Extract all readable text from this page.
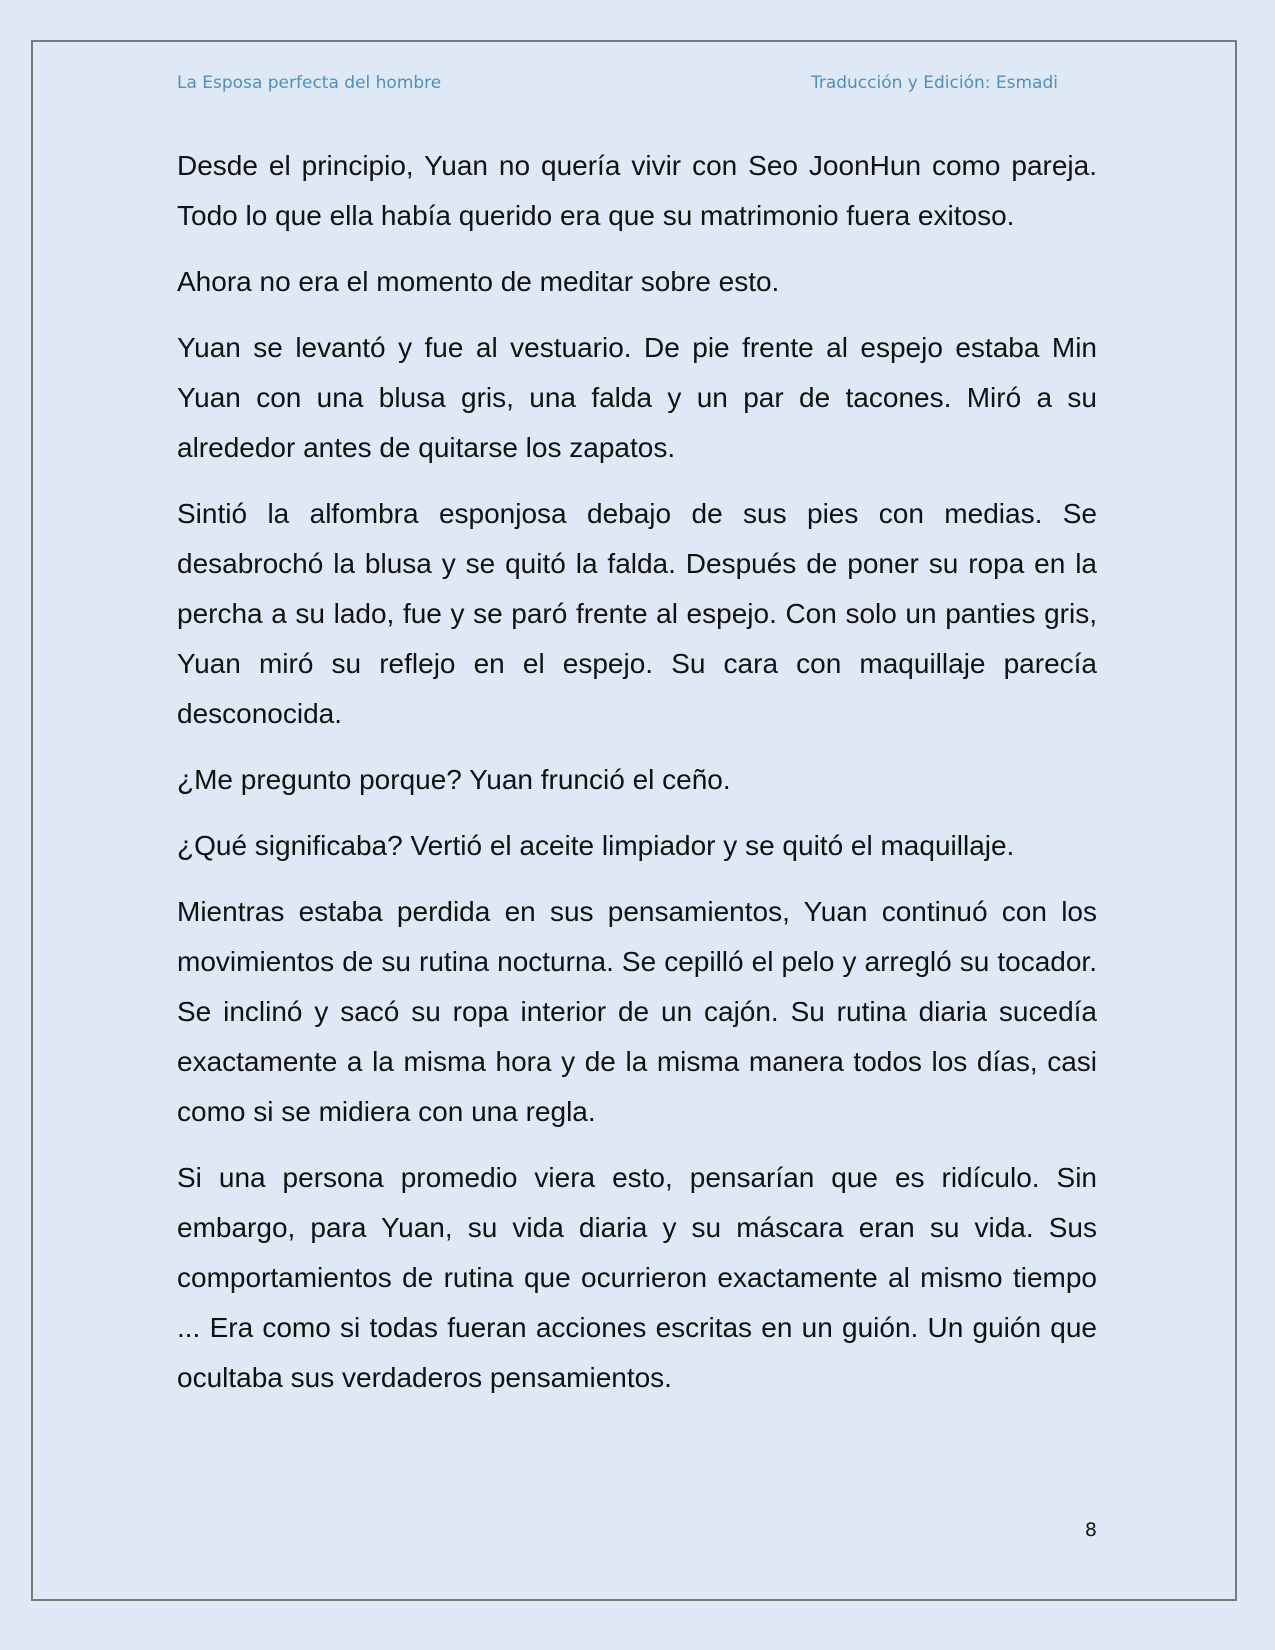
La Esposa perfecta del hombre	Traducción y Edición: Esmadi

Desde el principio, Yuan no quería vivir con Seo JoonHun como pareja. Todo lo que ella había querido era que su matrimonio fuera exitoso.

Ahora no era el momento de meditar sobre esto.

Yuan se levantó y fue al vestuario. De pie frente al espejo estaba Min Yuan con una blusa gris, una falda y un par de tacones. Miró a su alrededor antes de quitarse los zapatos.

Sintió la alfombra esponjosa debajo de sus pies con medias. Se desabrochó la blusa y se quitó la falda. Después de poner su ropa en la percha a su lado, fue y se paró frente al espejo. Con solo un panties gris, Yuan miró su reflejo en el espejo. Su cara con maquillaje parecía desconocida.

¿Me pregunto porque? Yuan frunció el ceño.

¿Qué significaba? Vertió el aceite limpiador y se quitó el maquillaje.

Mientras estaba perdida en sus pensamientos, Yuan continuó con los movimientos de su rutina nocturna. Se cepilló el pelo y arregló su tocador. Se inclinó y sacó su ropa interior de un cajón. Su rutina diaria sucedía exactamente a la misma hora y de la misma manera todos los días, casi como si se midiera con una regla.

Si una persona promedio viera esto, pensarían que es ridículo. Sin embargo, para Yuan, su vida diaria y su máscara eran su vida. Sus comportamientos de rutina que ocurrieron exactamente al mismo tiempo ... Era como si todas fueran acciones escritas en un guión. Un guión que ocultaba sus verdaderos pensamientos.

8
